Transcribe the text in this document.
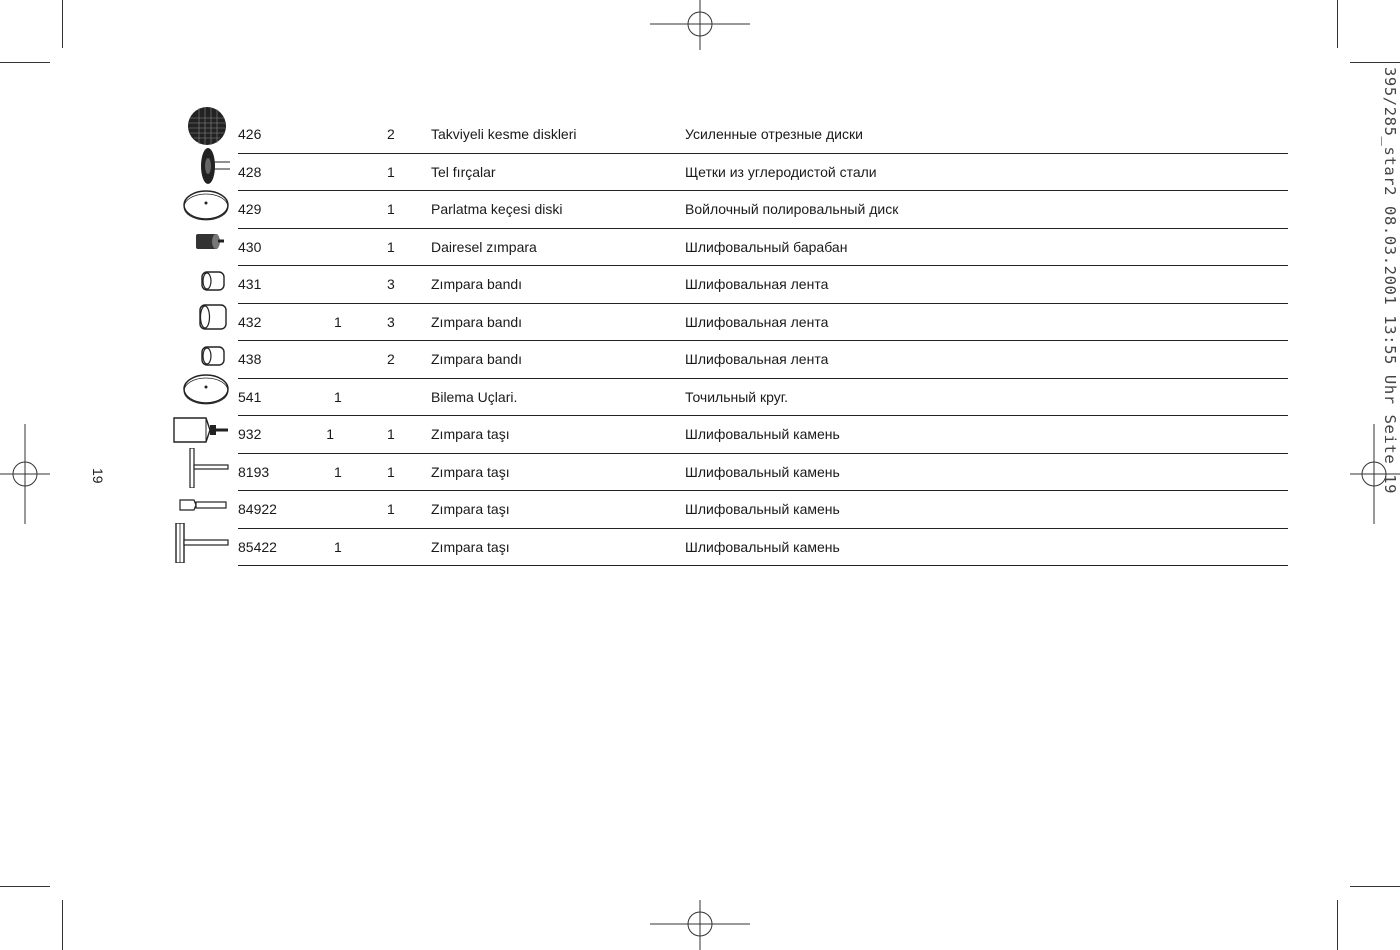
395/285_star2 08.03.2001 13:55 Uhr Seite 19
19
426			2	Takviyeli kesme diskleri	Усиленные отрезные диски
428			1	Tel fırçalar	Щетки из углеродистой стали
429			1	Parlatma keçesi diski	Войлочный полировальный диск
430			1	Dairesel zımpara	Шлифовальный барабан
431			3	Zımpara bandı	Шлифовальная лента
432		1	3	Zımpara bandı	Шлифовальная лента
438			2	Zımpara bandı	Шлифовальная лента
541		1		Bilema Uçlari.	Точильный круг.
932	1		1	Zımpara taşı	Шлифовальный камень
8193		1	1	Zımpara taşı	Шлифовальный камень
84922			1	Zımpara taşı	Шлифовальный камень
85422		1		Zımpara taşı	Шлифовальный камень
